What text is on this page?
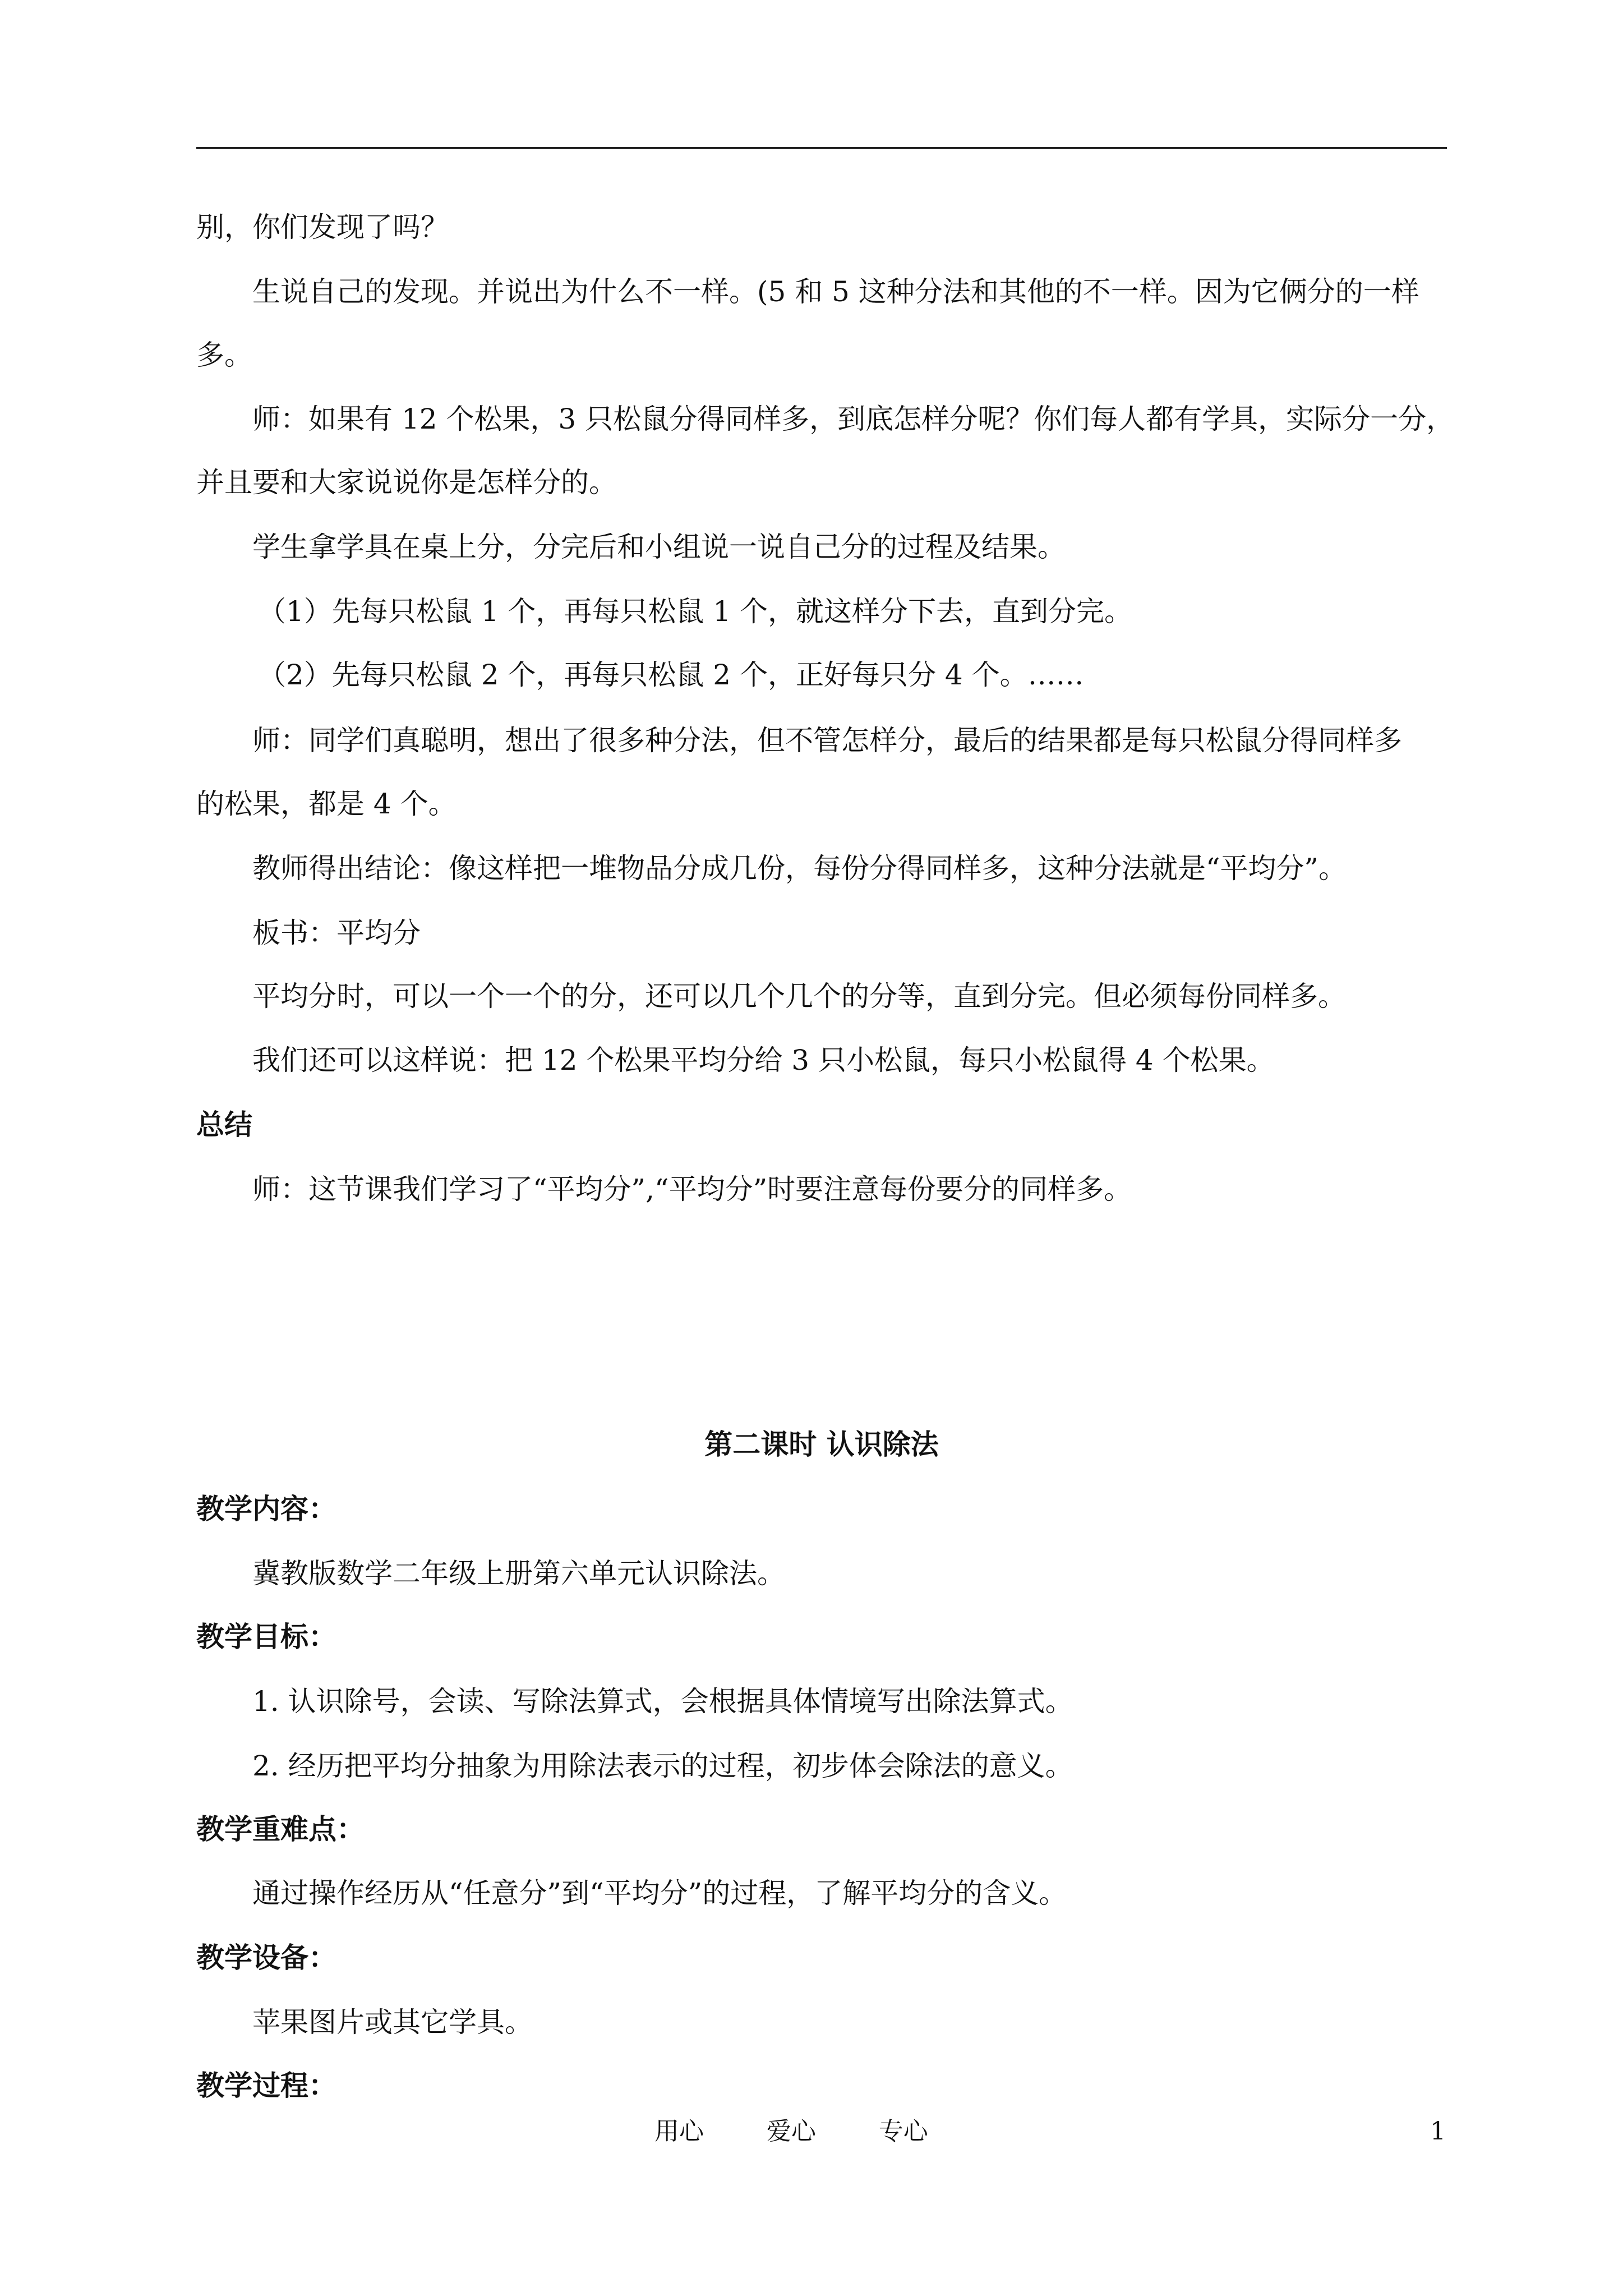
别，你们发现了吗？
生说自己的发现。并说出为什么不一样。(5 和 5 这种分法和其他的不一样。因为它俩分的一样
多。
师：如果有 12 个松果，3 只松鼠分得同样多，到底怎样分呢？你们每人都有学具，实际分一分，
并且要和大家说说你是怎样分的。
学生拿学具在桌上分，分完后和小组说一说自己分的过程及结果。
（1）先每只松鼠 1 个，再每只松鼠 1 个，就这样分下去，直到分完。
（2）先每只松鼠 2 个，再每只松鼠 2 个，正好每只分 4 个。……
师：同学们真聪明，想出了很多种分法，但不管怎样分，最后的结果都是每只松鼠分得同样多
的松果，都是 4 个。
教师得出结论：像这样把一堆物品分成几份，每份分得同样多，这种分法就是“平均分”。
板书：平均分
平均分时，可以一个一个的分，还可以几个几个的分等，直到分完。但必须每份同样多。
我们还可以这样说：把 12 个松果平均分给 3 只小松鼠，每只小松鼠得 4 个松果。
总结
师：这节课我们学习了“平均分”,“平均分”时要注意每份要分的同样多。
第二课时 认识除法
教学内容：
冀教版数学二年级上册第六单元认识除法。
教学目标：
1. 认识除号，会读、写除法算式，会根据具体情境写出除法算式。
2. 经历把平均分抽象为用除法表示的过程，初步体会除法的意义。
教学重难点：
通过操作经历从“任意分”到“平均分”的过程，了解平均分的含义。
教学设备：
苹果图片或其它学具。
教学过程：
用心        爱心        专心	1
